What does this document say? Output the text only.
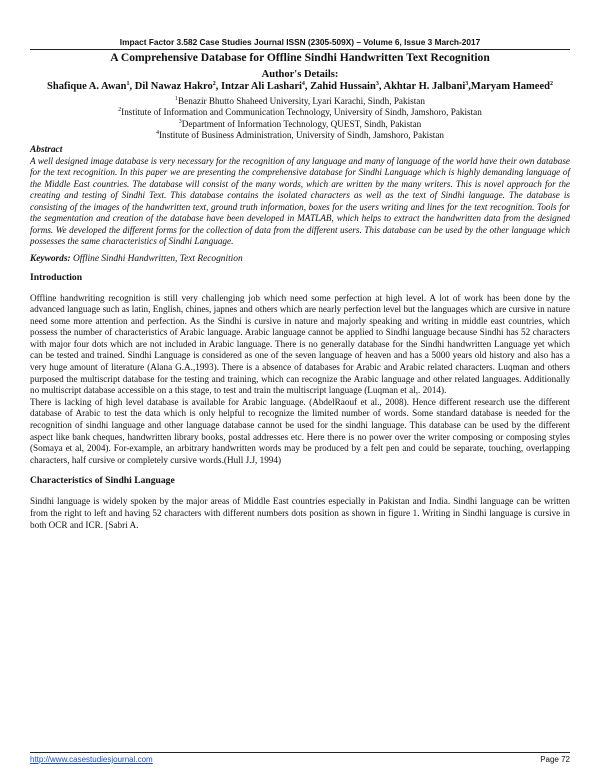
Impact Factor 3.582 Case Studies Journal ISSN (2305-509X) – Volume 6, Issue 3 March-2017
A Comprehensive Database for Offline Sindhi Handwritten Text Recognition
Author's Details:
Shafique A. Awan$^1$, Dil Nawaz Hakro$^2$, Intzar Ali Lashari$^4$, Zahid Hussain$^3$, Akhtar H. Jalbani$^3$,Maryam Hameed$^2$
$^1$Benazir Bhutto Shaheed University, Lyari Karachi, Sindh, Pakistan
$^2$Institute of Information and Communication Technology, University of Sindh, Jamshoro, Pakistan
$^3$Department of Information Technology, QUEST, Sindh, Pakistan
$^4$Institute of Business Administration, University of Sindh, Jamshoro, Pakistan
Abstract
A well designed image database is very necessary for the recognition of any language and many of language of the world have their own database for the text recognition. In this paper we are presenting the comprehensive database for Sindhi Language which is highly demanding language of the Middle East countries. The database will consist of the many words, which are written by the many writers. This is novel approach for the creating and testing of Sindhi Text. This database contains the isolated characters as well as the text of Sindhi language. The database is consisting of the images of the handwritten text, ground truth information, boxes for the users writing and lines for the text recognition. Tools for the segmentation and creation of the database have been developed in MATLAB, which helps to extract the handwritten data from the designed forms. We developed the different forms for the collection of data from the different users. This database can be used by the other language which possesses the same characteristics of Sindhi Language.
Keywords: Offline Sindhi Handwritten, Text Recognition
Introduction
Offline handwriting recognition is still very challenging job which need some perfection at high level. A lot of work has been done by the advanced language such as latin, English, chines, japnes and others which are nearly perfection level but the languages which are cursive in nature need some more attention and perfection. As the Sindhi is cursive in nature and majorly speaking and writing in middle east countries, which possess the number of characteristics of Arabic language. Arabic language cannot be applied to Sindhi language because Sindhi has 52 characters with major four dots which are not included in Arabic language. There is no generally database for the Sindhi handwritten Language yet which can be tested and trained. Sindhi Language is considered as one of the seven language of heaven and has a 5000 years old history and also has a very huge amount of literature (Alana G.A.,1993). There is a absence of databases for Arabic and Arabic related characters. Luqman and others purposed the multiscript database for the testing and training, which can recognize the Arabic language and other related languages. Additionally no multiscript database accessible on a this stage, to test and train the multiscript language (Luqman et al,. 2014).
There is lacking of high level database is available for Arabic language. (AbdelRaouf et al., 2008). Hence different research use the different database of Arabic to test the data which is only helpful to recognize the limited number of words. Some standard database is needed for the recognition of sindhi language and other language database cannot be used for the sindhi language. This database can be used by the different aspect like bank cheques, handwritten library books, postal addresses etc. Here there is no power over the writer composing or composing styles (Somaya et al, 2004). For-example, an arbitrary handwritten words may be produced by a felt pen and could be separate, touching, overlapping characters, half cursive or completely cursive words.(Hull J.J, 1994)
Characteristics of Sindhi Language
Sindhi language is widely spoken by the major areas of Middle East countries especially in Pakistan and India. Sindhi language can be written from the right to left and having 52 characters with different numbers dots position as shown in figure 1. Writing in Sindhi language is cursive in both OCR and ICR. [Sabri A.
http://www.casestudiesjournal.com	Page 72
